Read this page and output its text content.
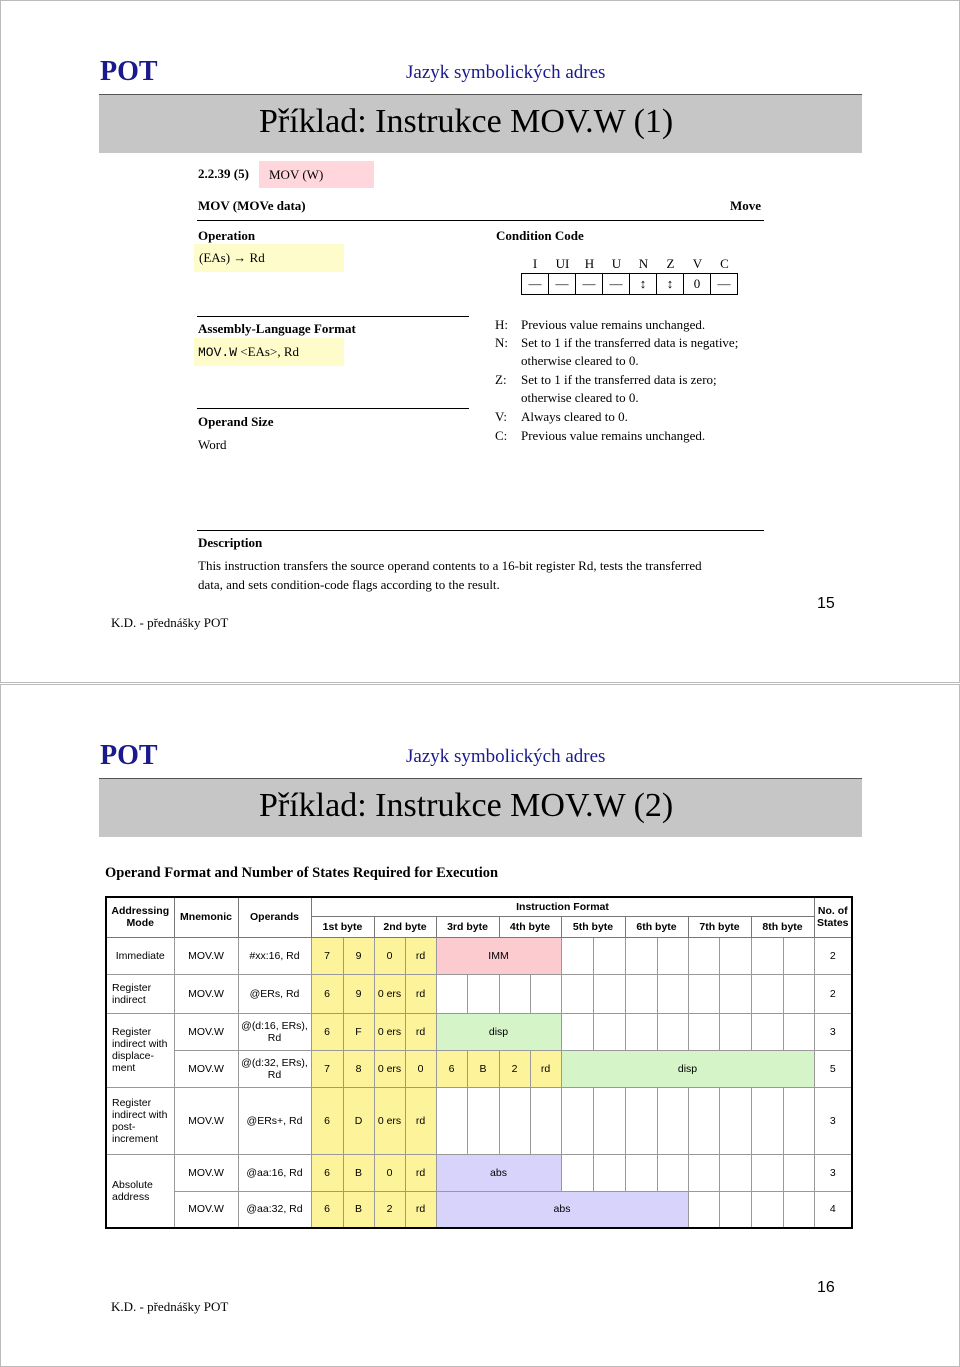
POT	Jazyk symbolických adres
Příklad: Instrukce MOV.W (1)
2.2.39 (5)	MOV (W)
MOV (MOVe data)	Move
Operation
(EAs) → Rd
Condition Code
I UI H U N Z V C
—	—	—	—	↕	↕	0	—
Assembly-Language Format
MOV.W <EAs>, Rd
H: Previous value remains unchanged.
N: Set to 1 if the transferred data is negative;
otherwise cleared to 0.
Z: Set to 1 if the transferred data is zero;
otherwise cleared to 0.
V: Always cleared to 0.
C: Previous value remains unchanged.
Operand Size
Word
Description
This instruction transfers the source operand contents to a 16-bit register Rd, tests the transferred
data, and sets condition-code flags according to the result.
K.D. - přednášky POT
15
POT	Jazyk symbolických adres
Příklad: Instrukce MOV.W (2)
Operand Format and Number of States Required for Execution
Addressing Mode	Mnemonic	Operands	Instruction Format																No. of States
			1st byte		2nd byte		3rd byte		4th byte		5th byte		6th byte		7th byte		8th byte		
Immediate	MOV.W	#xx:16, Rd	7	9	0	rd	IMM												2
Register indirect	MOV.W	@ERs, Rd	6	9	0 ers	rd													2
Register indirect with displace-ment	MOV.W	@(d:16, ERs), Rd	6	F	0 ers	rd	disp												3
	MOV.W	@(d:32, ERs), Rd	7	8	0 ers	0	6	B	2	rd	disp								5
Register indirect with post-increment	MOV.W	@ERs+, Rd	6	D	0 ers	rd													3
Absolute address	MOV.W	@aa:16, Rd	6	B	0	rd	abs												3
	MOV.W	@aa:32, Rd	6	B	2	rd	abs												4
K.D. - přednášky POT
16
